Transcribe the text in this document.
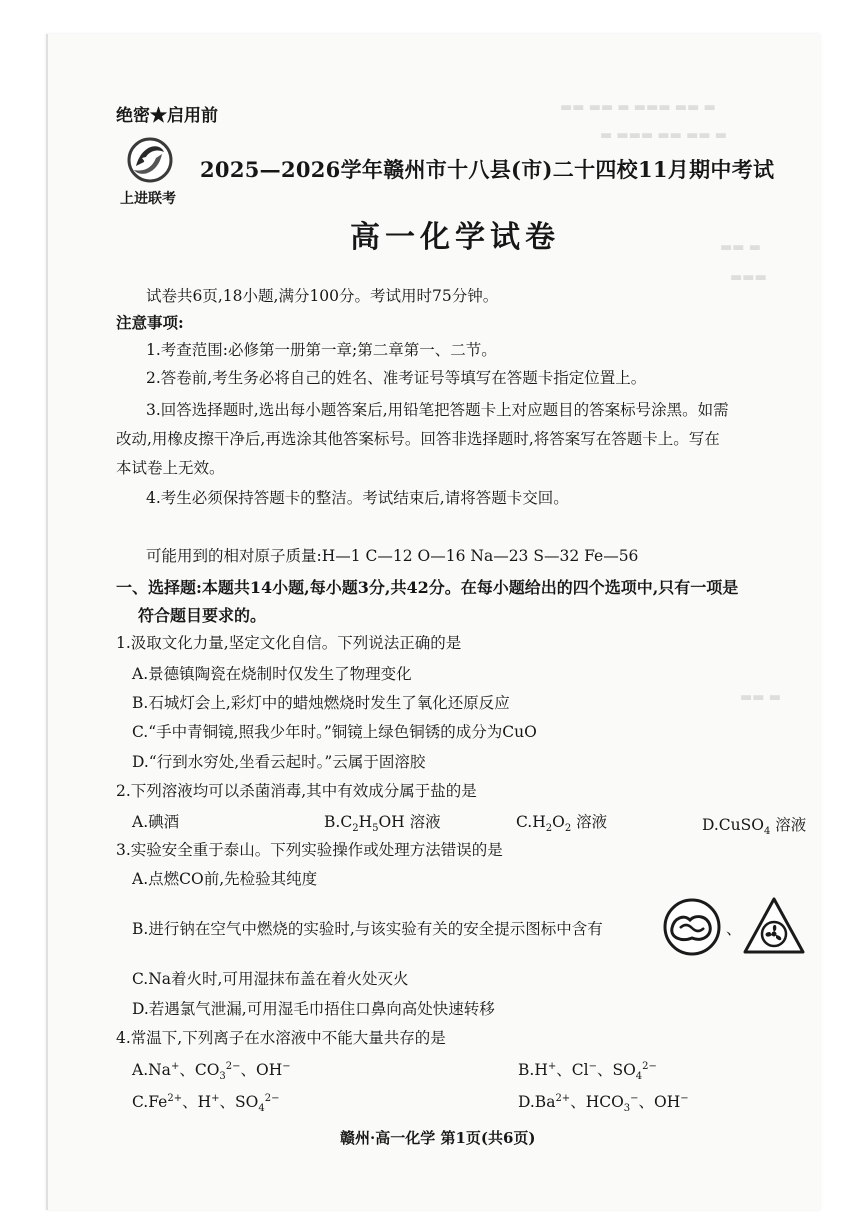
▬▬ ▬▬ ▬ ▬▬▬ ▬▬ ▬
▬ ▬▬▬ ▬▬ ▬▬ ▬
▬▬ ▬
▬▬▬
▬▬ ▬
绝密★启用前
上进联考
2025—2026学年赣州市十八县(市)二十四校11月期中考试
高一化学试卷
试卷共6页,18小题,满分100分。考试用时75分钟。
注意事项:
1.考查范围:必修第一册第一章;第二章第一、二节。
2.答卷前,考生务必将自己的姓名、准考证号等填写在答题卡指定位置上。
3.回答选择题时,选出每小题答案后,用铅笔把答题卡上对应题目的答案标号涂黑。如需
改动,用橡皮擦干净后,再选涂其他答案标号。回答非选择题时,将答案写在答题卡上。写在
本试卷上无效。
4.考生必须保持答题卡的整洁。考试结束后,请将答题卡交回。
可能用到的相对原子质量:H—1 C—12 O—16 Na—23 S—32 Fe—56
一、选择题:本题共14小题,每小题3分,共42分。在每小题给出的四个选项中,只有一项是
符合题目要求的。
1.汲取文化力量,坚定文化自信。下列说法正确的是
A.景德镇陶瓷在烧制时仅发生了物理变化
B.石城灯会上,彩灯中的蜡烛燃烧时发生了氧化还原反应
C.“手中青铜镜,照我少年时。”铜镜上绿色铜锈的成分为CuO
D.“行到水穷处,坐看云起时。”云属于固溶胶
2.下列溶液均可以杀菌消毒,其中有效成分属于盐的是
A.碘酒	$B.C_2H_5OH$ 溶液	$C.H_2O_2$ 溶液	D.CuSO$_4$ 溶液
3.实验安全重于泰山。下列实验操作或处理方法错误的是
A.点燃CO前,先检验其纯度
B.进行钠在空气中燃烧的实验时,与该实验有关的安全提示图标中含有	、
C.Na着火时,可用湿抹布盖在着火处灭火
D.若遇氯气泄漏,可用湿毛巾捂住口鼻向高处快速转移
4.常温下,下列离子在水溶液中不能大量共存的是
A.Na+、$CO_3^{2-}$、OH−	B.H+、Cl−、$SO_4^{2-}$
$C.Fe^{2+}$、H+、$SO_4^{2-}$	$D.Ba^{2+}$、$HCO_3^-$、OH−
赣州·高一化学 第1页(共6页)
